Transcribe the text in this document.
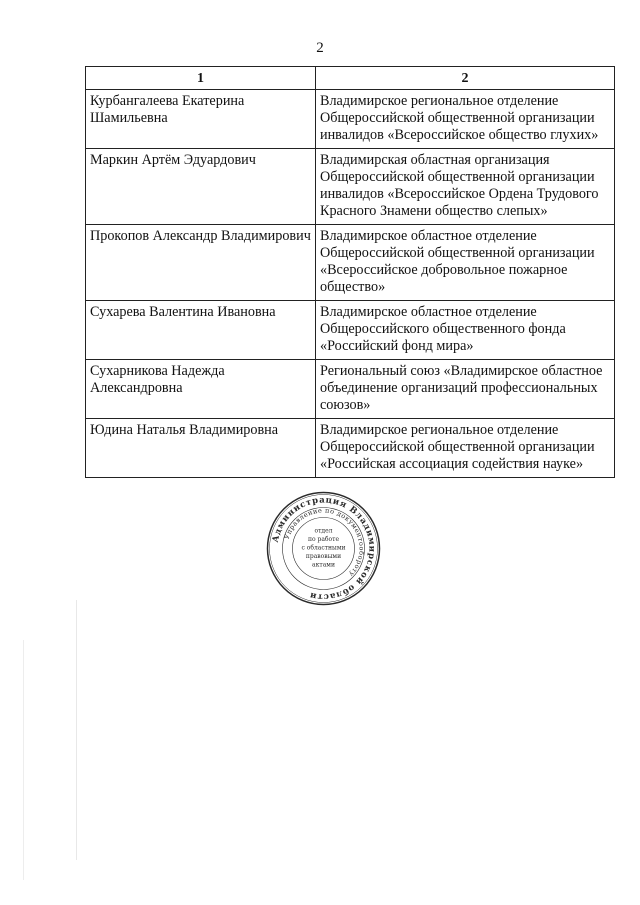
2
1	2
Курбангалеева Екатерина Шамильевна	Владимирское региональное отделение Общероссийской общественной организации инвалидов «Всероссийское общество глухих»
Маркин Артём Эдуардович	Владимирская областная организация Общероссийской общественной организации инвалидов «Всероссийское Ордена Трудового Красного Знамени общество слепых»
Прокопов Александр Владимирович	Владимирское областное отделение Общероссийской общественной организации «Всероссийское добровольное пожарное общество»
Сухарева Валентина Ивановна	Владимирское областное отделение Общероссийского общественного фонда «Российский фонд мира»
Сухарникова Надежда Александровна	Региональный союз «Владимирское областное объединение организаций профессиональных союзов»
Юдина Наталья Владимировна	Владимирское региональное отделение Общероссийской общественной организации «Российская ассоциация содействия науке»
Администрация Владимирской области
Управление по документообороту
отдел
по работе
с областными
правовыми
актами
